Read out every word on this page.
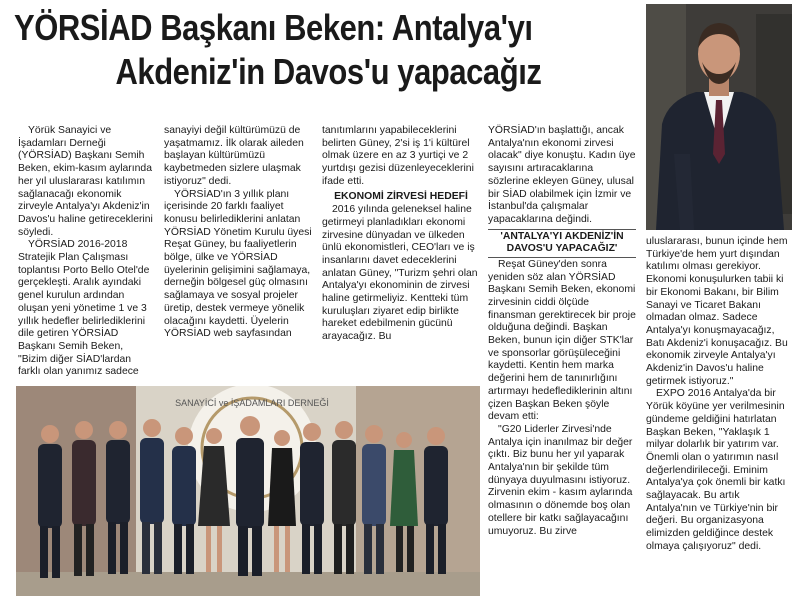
YÖRSİAD Başkanı Beken: Antalya'yı
Akdeniz'in Davos'u yapacağız

Yörük Sanayici ve İşadamları Derneği (YÖRSİAD) Başkanı Semih Beken, ekim-kasım aylarında her yıl uluslararası katılımın sağlanacağı ekonomik zirveyle Antalya'yı Akdeniz'in Davos'u haline getireceklerini söyledi.

YÖRSİAD 2016-2018 Stratejik Plan Çalışması toplantısı Porto Bello Otel'de gerçekleşti. Aralık ayındaki genel kurulun ardından oluşan yeni yönetime 1 ve 3 yıllık hedefler belirlediklerini dile getiren YÖRSİAD Başkanı Semih Beken, "Bizim diğer SİAD'lardan farklı olan yanımız sadece

sanayiyi değil kültürümüzü de yaşatmamız. İlk olarak aileden başlayan kültürümüzü kaybetmeden sizlere ulaşmak istiyoruz" dedi.

YÖRSİAD'ın 3 yıllık planı içerisinde 20 farklı faaliyet konusu belirlediklerini anlatan YÖRSİAD Yönetim Kurulu üyesi Reşat Güney, bu faaliyetlerin bölge, ülke ve YÖRSİAD üyelerinin gelişimini sağlamaya, derneğin bölgesel güç olmasını sağlamaya ve sosyal projeler üretip, destek vermeye yönelik olacağını kaydetti. Üyelerin YÖRSİAD web sayfasından

tanıtımlarını yapabileceklerini belirten Güney, 2'si iş 1'i kültürel olmak üzere en az 3 yurtiçi ve 2 yurtdışı gezisi düzenleyeceklerini ifade etti.

EKONOMİ ZİRVESİ HEDEFİ

2016 yılında geleneksel haline getirmeyi planladıkları ekonomi zirvesine dünyadan ve ülkeden ünlü ekonomistleri, CEO'ları ve iş insanlarını davet edeceklerini anlatan Güney, "Turizm şehri olan Antalya'yı ekonominin de zirvesi haline getirmeliyiz. Kentteki tüm kuruluşları ziyaret edip birlikte hareket edebilmenin gücünü arayacağız. Bu

YÖRSİAD'ın başlattığı, ancak Antalya'nın ekonomi zirvesi olacak" diye konuştu. Kadın üye sayısını artıracaklarına sözlerine ekleyen Güney, ulusal bir SİAD olabilmek için İzmir ve İstanbul'da çalışmalar yapacaklarına değindi.

'ANTALYA'YI AKDENİZ'İN DAVOS'U YAPACAĞIZ'

Reşat Güney'den sonra yeniden söz alan YÖRSİAD Başkanı Semih Beken, ekonomi zirvesinin ciddi ölçüde finansman gerektirecek bir proje olduğuna değindi. Başkan Beken, bunun için diğer STK'lar ve sponsorlar görüşüleceğini kaydetti. Kentin hem marka değerini hem de tanınırlığını artırmayı hedeflediklerinin altını çizen Başkan Beken şöyle devam etti:

"G20 Liderler Zirvesi'nde Antalya için inanılmaz bir değer çıktı. Biz bunu her yıl yaparak Antalya'nın bir şekilde tüm dünyaya duyulmasını istiyoruz. Zirvenin ekim - kasım aylarında olmasının o dönemde boş olan otellere bir katkı sağlayacağını umuyoruz. Bu zirve

uluslararası, bunun içinde hem Türkiye'de hem yurt dışından katılımı olması gerekiyor. Ekonomi konuşulurken tabii ki bir Ekonomi Bakanı, bir Bilim Sanayi ve Ticaret Bakanı olmadan olmaz. Sadece Antalya'yı konuşmayacağız, Batı Akdeniz'i konuşacağız. Bu ekonomik zirveyle Antalya'yı Akdeniz'in Davos'u haline getirmek istiyoruz."

EXPO 2016 Antalya'da bir Yörük köyüne yer verilmesinin gündeme geldiğini hatırlatan Başkan Beken, "Yaklaşık 1 milyar dolarlık bir yatırım var. Önemli olan o yatırımın nasıl değerlendirileceği. Eminim Antalya'ya çok önemli bir katkı sağlayacak. Bu artık Antalya'nın ve Türkiye'nin bir değeri. Bu organizasyona elimizden geldiğince destek olmaya çalışıyoruz" dedi.

SANAYİCİ ve İŞADAMLARI DERNEĞİ
